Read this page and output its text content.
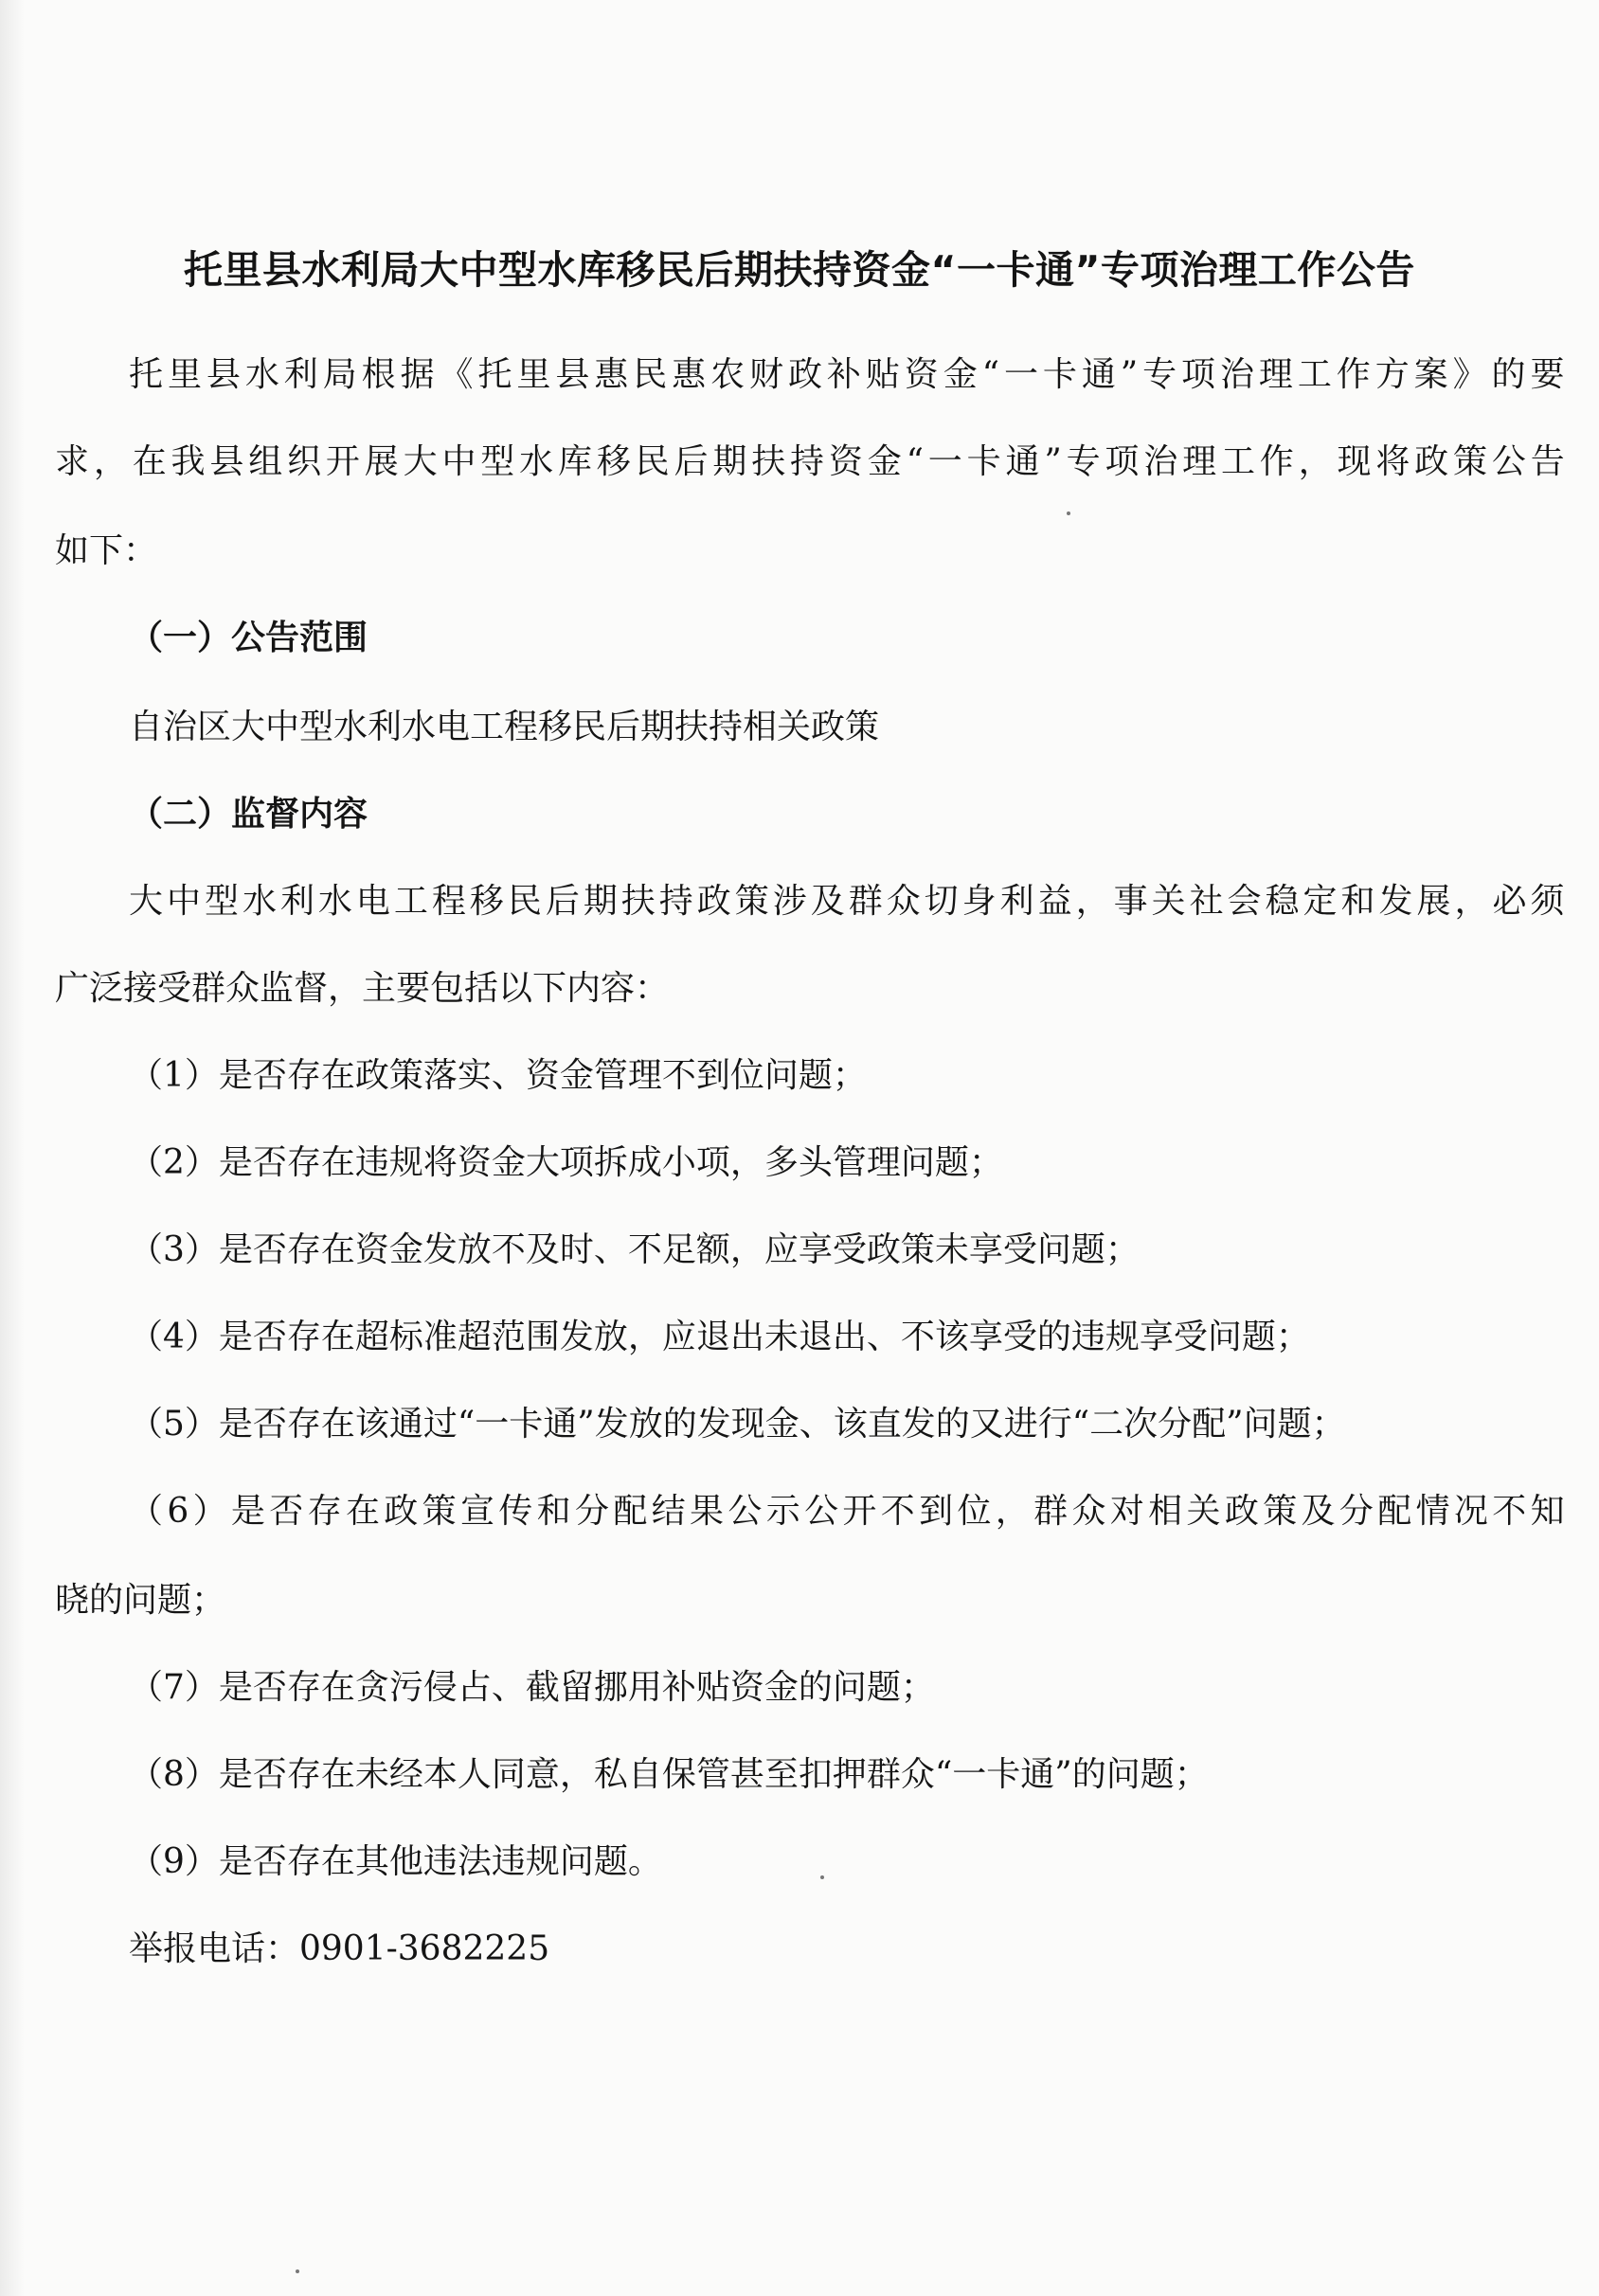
托里县水利局大中型水库移民后期扶持资金“一卡通”专项治理工作公告
托 里 县 水 利 局 根 据 《 托 里 县 惠 民 惠 农 财 政 补 贴 资 金 “ 一 卡 通 ” 专 项 治 理 工 作 方 案 》 的 要
求 ， 在 我 县 组 织 开 展 大 中 型 水 库 移 民 后 期 扶 持 资 金 “ 一 卡 通 ” 专 项 治 理 工 作 ， 现 将 政 策 公 告
如下：
（一）公告范围
自治区大中型水利水电工程移民后期扶持相关政策
（二）监督内容
大 中 型 水 利 水 电 工 程 移 民 后 期 扶 持 政 策 涉 及 群 众 切 身 利 益 ， 事 关 社 会 稳 定 和 发 展 ， 必 须
广泛接受群众监督，主要包括以下内容：
（1）是否存在政策落实、资金管理不到位问题；
（2）是否存在违规将资金大项拆成小项，多头管理问题；
（3）是否存在资金发放不及时、不足额，应享受政策未享受问题；
（4）是否存在超标准超范围发放，应退出未退出、不该享受的违规享受问题；
（5）是否存在该通过“一卡通”发放的发现金、该直发的又进行“二次分配”问题；
（ 6 ） 是 否 存 在 政 策 宣 传 和 分 配 结 果 公 示 公 开 不 到 位 ， 群 众 对 相 关 政 策 及 分 配 情 况 不 知
晓的问题；
（7）是否存在贪污侵占、截留挪用补贴资金的问题；
（8）是否存在未经本人同意，私自保管甚至扣押群众“一卡通”的问题；
（9）是否存在其他违法违规问题。
举报电话：0901-3682225
